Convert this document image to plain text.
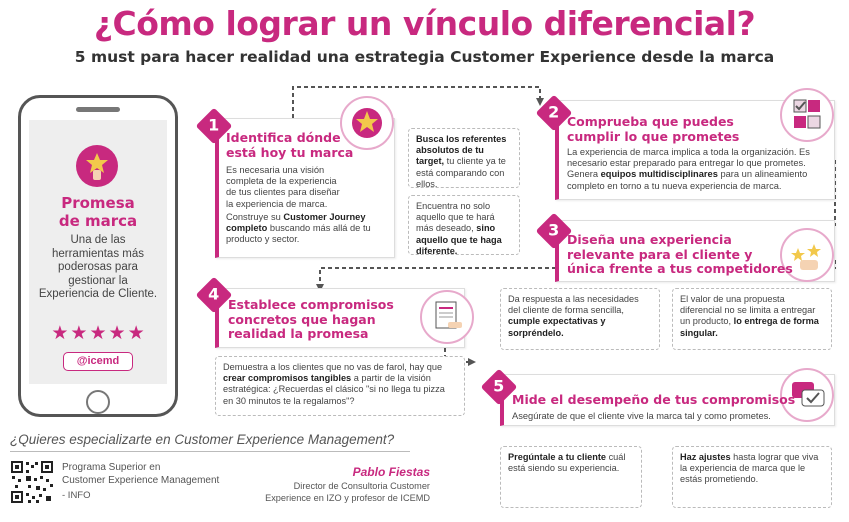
¿Cómo lograr un vínculo diferencial?
5 must para hacer realidad una estrategia Customer Experience desde la marca
Promesa
de marca
Una de las herramientas más poderosas para gestionar la Experiencia de Cliente.
★ ★ ★ ★ ★
@icemd
1
Identifica dónde
está hoy tu marca
Es necesaria una visión completa de la experiencia de tus clientes para diseñar la experiencia de marca.
Construye su Customer Journey completo buscando más allá de tu producto y sector.
Busca los referentes absolutos de tu target, tu cliente ya te está comparando con ellos.
Encuentra no solo aquello que te hará más deseado, sino aquello que te haga diferente.
2 Comprueba que puedes
cumplir lo que prometes
La experiencia de marca implica a toda la organización. Es necesario estar preparado para entregar lo que prometes. Genera equipos multidisciplinares para un alineamiento completo en torno a tu nueva experiencia de marca.
3 Diseña una experiencia
relevante para el cliente y
única frente a tus competidores
Da respuesta a las necesidades del cliente de forma sencilla, cumple expectativas y sorpréndelo.
El valor de una propuesta diferencial no se limita a entregar un producto, lo entrega de forma singular.
4
Establece compromisos
concretos que hagan
realidad la promesa
Demuestra a los clientes que no vas de farol, hay que crear compromisos tangibles a partir de la visión estratégica: ¿Recuerdas el clásico "si no llega tu pizza en 30 minutos te la regalamos"?
5
Mide el desempeño de tus compromisos
Asegúrate de que el cliente vive la marca tal y como prometes.
Pregúntale a tu cliente cuál está siendo su experiencia.
Haz ajustes hasta lograr que viva la experiencia de marca que le estás prometiendo.
¿Quieres especializarte en Customer Experience Management?
Programa Superior en
Customer Experience Management
- INFO
Pablo Fiestas
Director de Consultoria Customer
Experience en IZO y profesor de ICEMD
